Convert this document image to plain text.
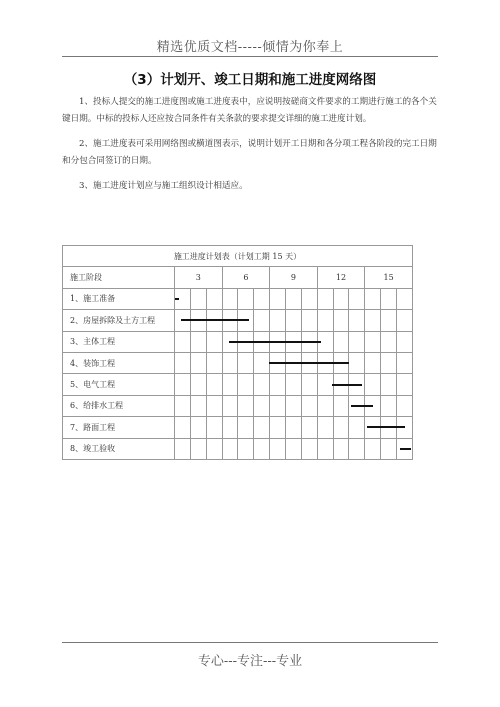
精选优质文档-----倾情为你奉上
（3）计划开、竣工日期和施工进度网络图

1、投标人提交的施工进度图或施工进度表中，应说明按磋商文件要求的工期进行施工的各个关键日期。中标的投标人还应按合同条件有关条款的要求提交详细的施工进度计划。

2、施工进度表可采用网络图或横道图表示，说明计划开工日期和各分项工程各阶段的完工日期和分包合同签订的日期。

3、施工进度计划应与施工组织设计相适应。

施工进度计划表（计划工期 15 天）															
施工阶段	3			6			9			12			15		
1、施工准备															
2、房屋拆除及土方工程															
3、主体工程															
4、装饰工程															
5、电气工程															
6、给排水工程															
7、路面工程															
8、竣工验收															
专心---专注---专业
